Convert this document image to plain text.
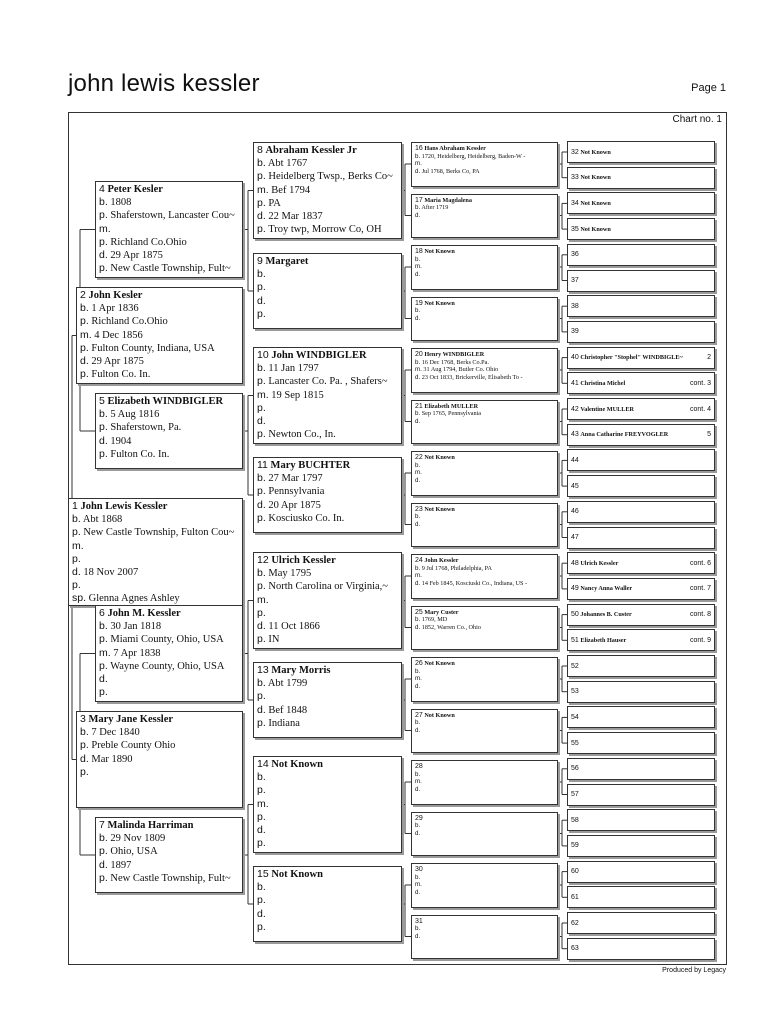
john lewis kessler	Page 1
Chart no. 1
Produced by Legacy
1 John Lewis Kessler
b. Abt 1868
p. New Castle Township, Fulton Cou~
m.
p.
d. 18 Nov 2007
p.
sp. Glenna Agnes Ashley
2 John Kesler
b. 1 Apr 1836
p. Richland Co.Ohio
m. 4 Dec 1856
p. Fulton County, Indiana, USA
d. 29 Apr 1875
p. Fulton Co. In.
3 Mary Jane Kessler
b. 7 Dec 1840
p. Preble County Ohio
d. Mar 1890
p.
4 Peter Kesler
b. 1808
p. Shaferstown, Lancaster Cou~
m.
p. Richland Co.Ohio
d. 29 Apr 1875
p. New Castle Township, Fult~
5 Elizabeth WINDBIGLER
b. 5 Aug 1816
p. Shaferstown, Pa.
d. 1904
p. Fulton Co. In.
6 John M. Kessler
b. 30 Jan 1818
p. Miami County, Ohio, USA
m. 7 Apr 1838
p. Wayne County, Ohio, USA
d.
p.
7 Malinda Harriman
b. 29 Nov 1809
p. Ohio, USA
d. 1897
p. New Castle Township, Fult~
8 Abraham Kessler Jr
b. Abt 1767
p. Heidelberg Twsp., Berks Co~
m. Bef 1794
p. PA
d. 22 Mar 1837
p. Troy twp, Morrow Co, OH
9 Margaret
b.
p.
d.
p.
10 John WINDBIGLER
b. 11 Jan 1797
p. Lancaster Co. Pa. , Shafers~
m. 19 Sep 1815
p.
d.
p. Newton Co., In.
11 Mary BUCHTER
b. 27 Mar 1797
p. Pennsylvania
d. 20 Apr 1875
p. Kosciusko Co. In.
12 Ulrich Kessler
b. May 1795
p. North Carolina or Virginia,~
m.
p.
d. 11 Oct 1866
p. IN
13 Mary Morris
b. Abt 1799
p.
d. Bef 1848
p. Indiana
14 Not Known
b.
p.
m.
p.
d.
p.
15 Not Known
b.
p.
d.
p.
16 Hans Abraham Kessler
b. 1720, Heidelberg, Heidelberg, Baden-W -
m.
d. Jul 1768, Berks Co, PA
17 Maria Magdalena
b. After 1719
d.
18 Not Known
b.
m.
d.
19 Not Known
b.
d.
20 Henry WINDBIGLER
b. 16 Dec 1768, Berks Co.Pa.
m. 31 Aug 1794, Butler Co. Ohio
d. 23 Oct 1833, Brickerville, Elisabeth To -
21 Elizabeth MULLER
b. Sep 1765, Pennsylvania
d.
22 Not Known
b.
m.
d.
23 Not Known
b.
d.
24 John Kessler
b. 9 Jul 1768, Philadelphia, PA
m.
d. 14 Feb 1845, Kosciuski Co., Indiana, US -
25 Mary Custer
b. 1769, MD
d. 1852, Warren Co., Ohio
26 Not Known
b.
m.
d.
27 Not Known
b.
d.
28
b.
m.
d.
29
b.
d.
30
b.
m.
d.
31
b.
d.
32 Not Known
33 Not Known
34 Not Known
35 Not Known
36
37
38
39
40 Christopher "Stophel" WINDBIGLE~	2
41 Christina Michel	cont. 3
42 Valentine MULLER	cont. 4
43 Anna Catharine FREYVOGLER	5
44
45
46
47
48 Ulrich Kessler	cont. 6
49 Nancy Anna Waller	cont. 7
50 Johannes B. Custer	cont. 8
51 Elizabeth Hauser	cont. 9
52
53
54
55
56
57
58
59
60
61
62
63
